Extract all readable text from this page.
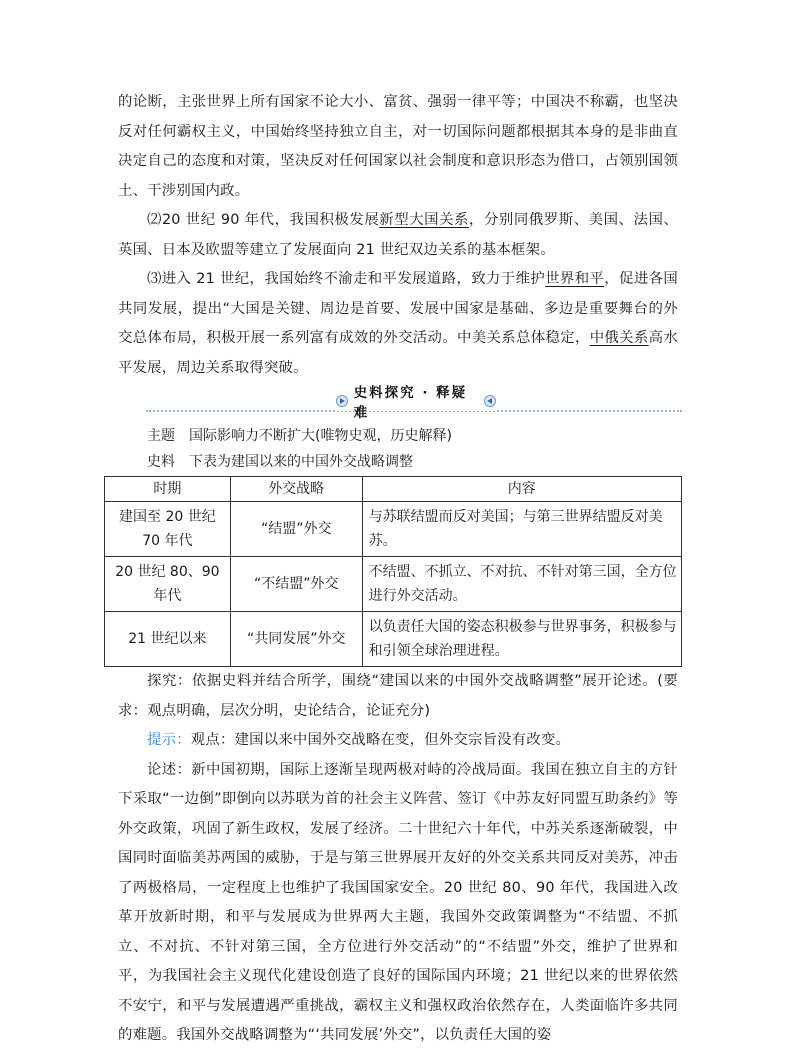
的论断，主张世界上所有国家不论大小、富贫、强弱一律平等；中国决不称霸，也坚决反对任何霸权主义，中国始终坚持独立自主，对一切国际问题都根据其本身的是非曲直决定自己的态度和对策，坚决反对任何国家以社会制度和意识形态为借口，占领别国领土、干涉别国内政。

⑵20 世纪 90 年代，我国积极发展新型大国关系，分别同俄罗斯、美国、法国、英国、日本及欧盟等建立了发展面向 21 世纪双边关系的基本框架。

⑶进入 21 世纪，我国始终不渝走和平发展道路，致力于维护世界和平，促进各国共同发展，提出“大国是关键、周边是首要、发展中国家是基础、多边是重要舞台的外交总体布局，积极开展一系列富有成效的外交活动。中美关系总体稳定，中俄关系高水平发展，周边关系取得突破。

史料探究 · 释疑难

主题　国际影响力不断扩大(唯物史观，历史解释)

史料　下表为建国以来的中国外交战略调整

时期	外交战略	内容
建国至 20 世纪 70 年代	“结盟”外交	与苏联结盟而反对美国；与第三世界结盟反对美苏。
20 世纪 80、90 年代	“不结盟”外交	不结盟、不抓立、不对抗、不针对第三国，全方位进行外交活动。
21 世纪以来	“共同发展”外交	以负责任大国的姿态积极参与世界事务，积极参与和引领全球治理进程。

探究：依据史料并结合所学，围绕“建国以来的中国外交战略调整”展开论述。(要求：观点明确，层次分明，史论结合，论证充分)

提示：观点：建国以来中国外交战略在变，但外交宗旨没有改变。

论述：新中国初期，国际上逐渐呈现两极对峙的冷战局面。我国在独立自主的方针下采取“一边倒”即倒向以苏联为首的社会主义阵营、签订《中苏友好同盟互助条约》等外交政策，巩固了新生政权，发展了经济。二十世纪六十年代，中苏关系逐渐破裂，中国同时面临美苏两国的威胁，于是与第三世界展开友好的外交关系共同反对美苏，冲击了两极格局，一定程度上也维护了我国国家安全。20 世纪 80、90 年代，我国进入改革开放新时期，和平与发展成为世界两大主题，我国外交政策调整为“不结盟、不抓立、不对抗、不针对第三国，全方位进行外交活动”的“不结盟”外交，维护了世界和平，为我国社会主义现代化建设创造了良好的国际国内环境；21 世纪以来的世界依然不安宁，和平与发展遭遇严重挑战，霸权主义和强权政治依然存在，人类面临许多共同的难题。我国外交战略调整为“‘共同发展’外交”，以负责任大国的姿
